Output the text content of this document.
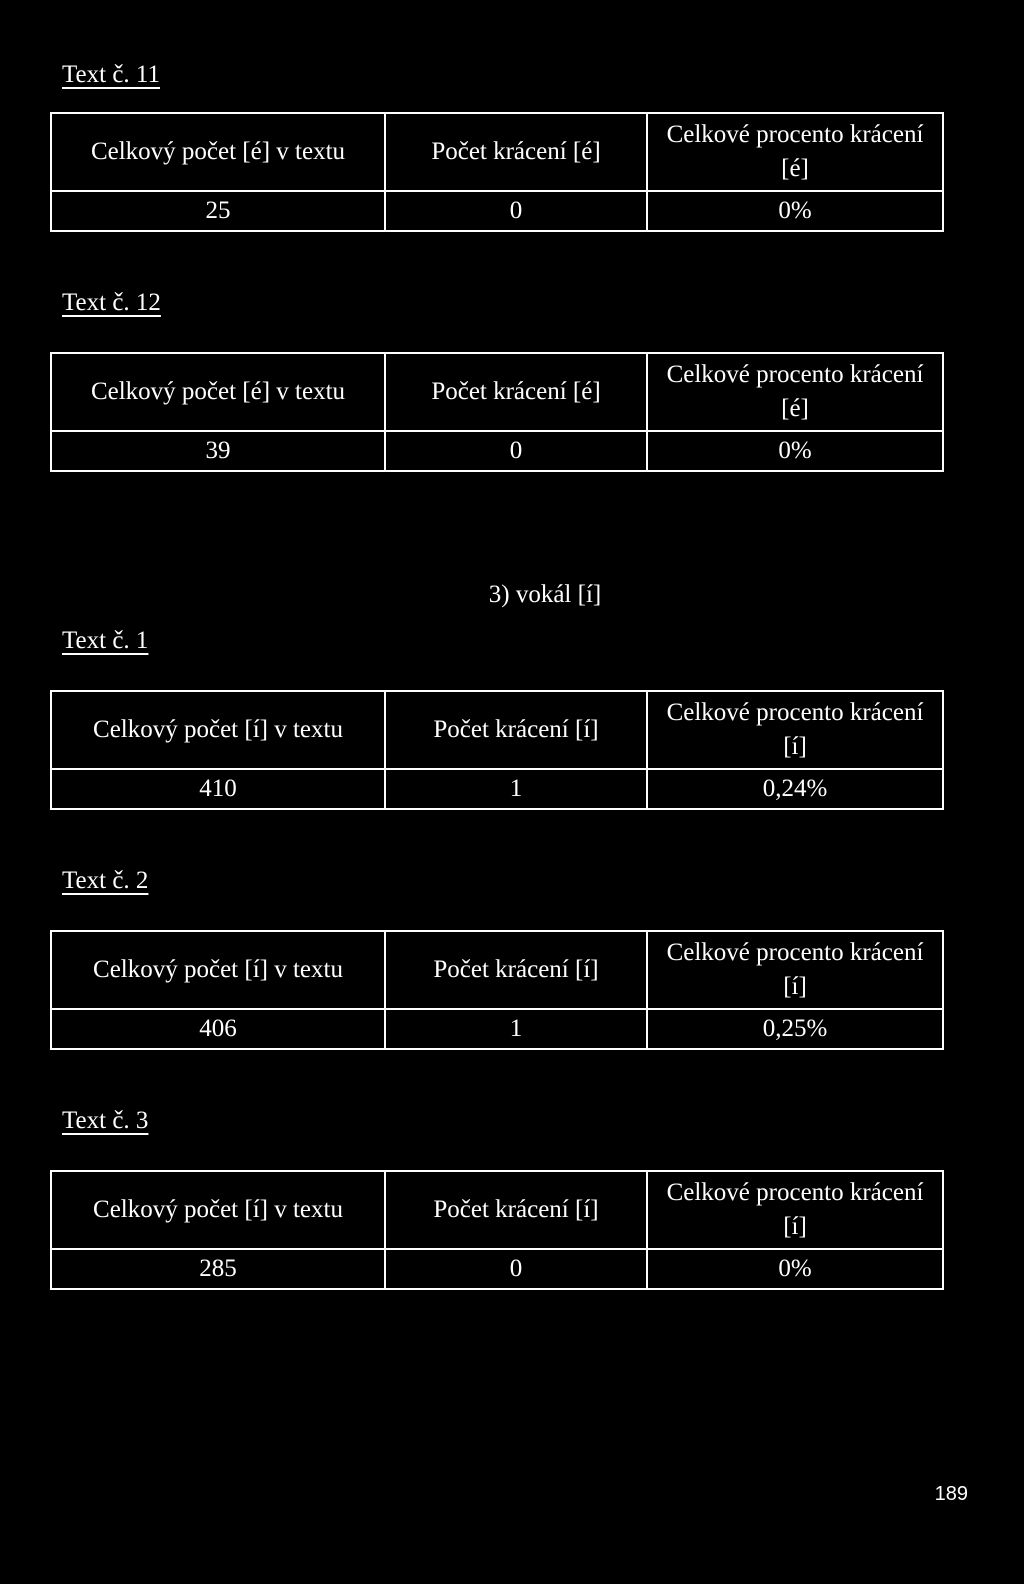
Text č. 11
Celkový počet [é] v textu	Počet krácení [é]	Celkové procento krácení [é]
25	0	0%
Text č. 12
Celkový počet [é] v textu	Počet krácení [é]	Celkové procento krácení [é]
39	0	0%
3) vokál [í]
Text č. 1
Celkový počet [í] v textu	Počet krácení [í]	Celkové procento krácení [í]
410	1	0,24%
Text č. 2
Celkový počet [í] v textu	Počet krácení [í]	Celkové procento krácení [í]
406	1	0,25%
Text č. 3
Celkový počet [í] v textu	Počet krácení [í]	Celkové procento krácení [í]
285	0	0%
189
